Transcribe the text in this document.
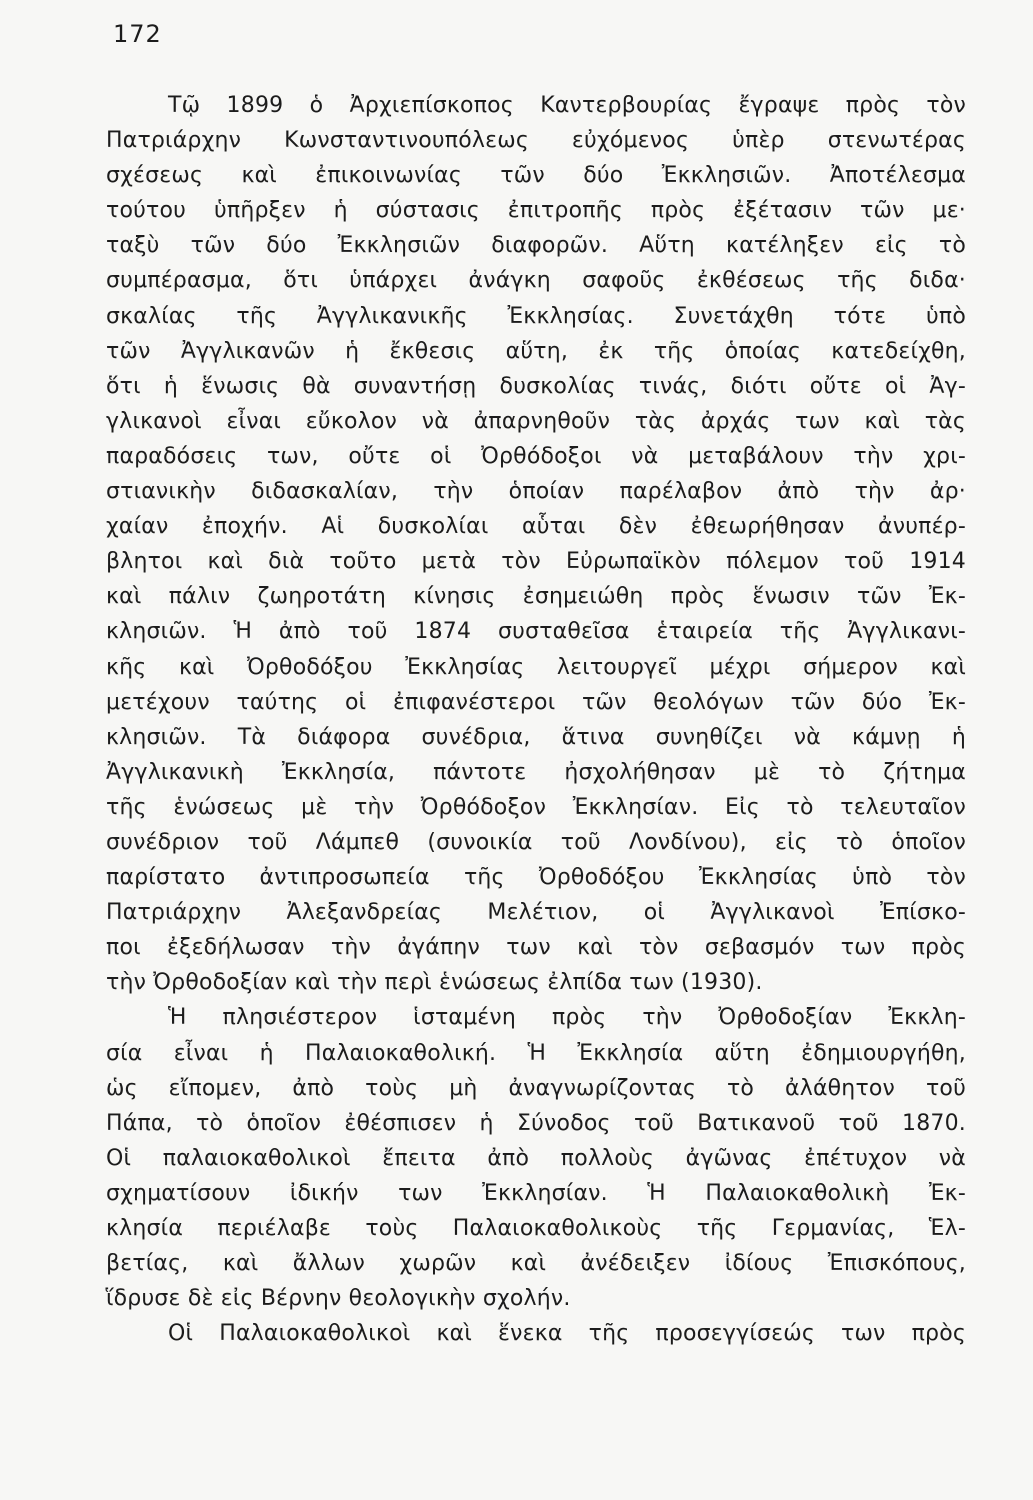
172
Τῷ 1899 ὁ Ἀρχιεπίσκοπος Καντερβουρίας ἔγραψε πρὸς τὸν
Πατριάρχην Κωνσταντινουπόλεως εὐχόμενος ὑπὲρ στενωτέρας
σχέσεως καὶ ἐπικοινωνίας τῶν δύο Ἐκκλησιῶν. Ἀποτέλεσμα
τούτου ὑπῆρξεν ἡ σύστασις ἐπιτροπῆς πρὸς ἐξέτασιν τῶν με·
ταξὺ τῶν δύο Ἐκκλησιῶν διαφορῶν. Αὕτη κατέληξεν εἰς τὸ
συμπέρασμα, ὅτι ὑπάρχει ἀνάγκη σαφοῦς ἐκθέσεως τῆς διδα·
σκαλίας τῆς Ἀγγλικανικῆς Ἐκκλησίας. Συνετάχθη τότε ὑπὸ
τῶν Ἀγγλικανῶν ἡ ἔκθεσις αὕτη, ἐκ τῆς ὁποίας κατεδείχθη,
ὅτι ἡ ἕνωσις θὰ συναντήσῃ δυσκολίας τινάς, διότι οὔτε οἱ Ἀγ-
γλικανοὶ εἶναι εὔκολον νὰ ἀπαρνηθοῦν τὰς ἀρχάς των καὶ τὰς
παραδόσεις των, οὔτε οἱ Ὀρθόδοξοι νὰ μεταβάλουν τὴν χρι-
στιανικὴν διδασκαλίαν, τὴν ὁποίαν παρέλαβον ἀπὸ τὴν ἀρ·
χαίαν ἐποχήν. Αἱ δυσκολίαι αὗται δὲν ἐθεωρήθησαν ἀνυπέρ-
βλητοι καὶ διὰ τοῦτο μετὰ τὸν Εὐρωπαϊκὸν πόλεμον τοῦ 1914
καὶ πάλιν ζωηροτάτη κίνησις ἐσημειώθη πρὸς ἕνωσιν τῶν Ἐκ-
κλησιῶν. Ἡ ἀπὸ τοῦ 1874 συσταθεῖσα ἑταιρεία τῆς Ἀγγλικανι-
κῆς καὶ Ὀρθοδόξου Ἐκκλησίας λειτουργεῖ μέχρι σήμερον καὶ
μετέχουν ταύτης οἱ ἐπιφανέστεροι τῶν θεολόγων τῶν δύο Ἐκ-
κλησιῶν. Τὰ διάφορα συνέδρια, ἅτινα συνηθίζει νὰ κάμνῃ ἡ
Ἀγγλικανικὴ Ἐκκλησία, πάντοτε ἠσχολήθησαν μὲ τὸ ζήτημα
τῆς ἑνώσεως μὲ τὴν Ὀρθόδοξον Ἐκκλησίαν. Εἰς τὸ τελευταῖον
συνέδριον τοῦ Λάμπεθ (συνοικία τοῦ Λονδίνου), εἰς τὸ ὁποῖον
παρίστατο ἀντιπροσωπεία τῆς Ὀρθοδόξου Ἐκκλησίας ὑπὸ τὸν
Πατριάρχην Ἀλεξανδρείας Μελέτιον, οἱ Ἀγγλικανοὶ Ἐπίσκο-
ποι ἐξεδήλωσαν τὴν ἀγάπην των καὶ τὸν σεβασμόν των πρὸς
τὴν Ὀρθοδοξίαν καὶ τὴν περὶ ἑνώσεως ἐλπίδα των (1930).
Ἡ πλησιέστερον ἱσταμένη πρὸς τὴν Ὀρθοδοξίαν Ἐκκλη-
σία εἶναι ἡ Παλαιοκαθολική. Ἡ Ἐκκλησία αὕτη ἐδημιουργήθη,
ὡς εἴπομεν, ἀπὸ τοὺς μὴ ἀναγνωρίζοντας τὸ ἀλάθητον τοῦ
Πάπα, τὸ ὁποῖον ἐθέσπισεν ἡ Σύνοδος τοῦ Βατικανοῦ τοῦ 1870.
Οἱ παλαιοκαθολικοὶ ἔπειτα ἀπὸ πολλοὺς ἀγῶνας ἐπέτυχον νὰ
σχηματίσουν ἰδικήν των Ἐκκλησίαν. Ἡ Παλαιοκαθολικὴ Ἐκ-
κλησία περιέλαβε τοὺς Παλαιοκαθολικοὺς τῆς Γερμανίας, Ἑλ-
βετίας, καὶ ἄλλων χωρῶν καὶ ἀνέδειξεν ἰδίους Ἐπισκόπους,
ἵδρυσε δὲ εἰς Βέρνην θεολογικὴν σχολήν.
Οἱ Παλαιοκαθολικοὶ καὶ ἕνεκα τῆς προσεγγίσεώς των πρὸς
